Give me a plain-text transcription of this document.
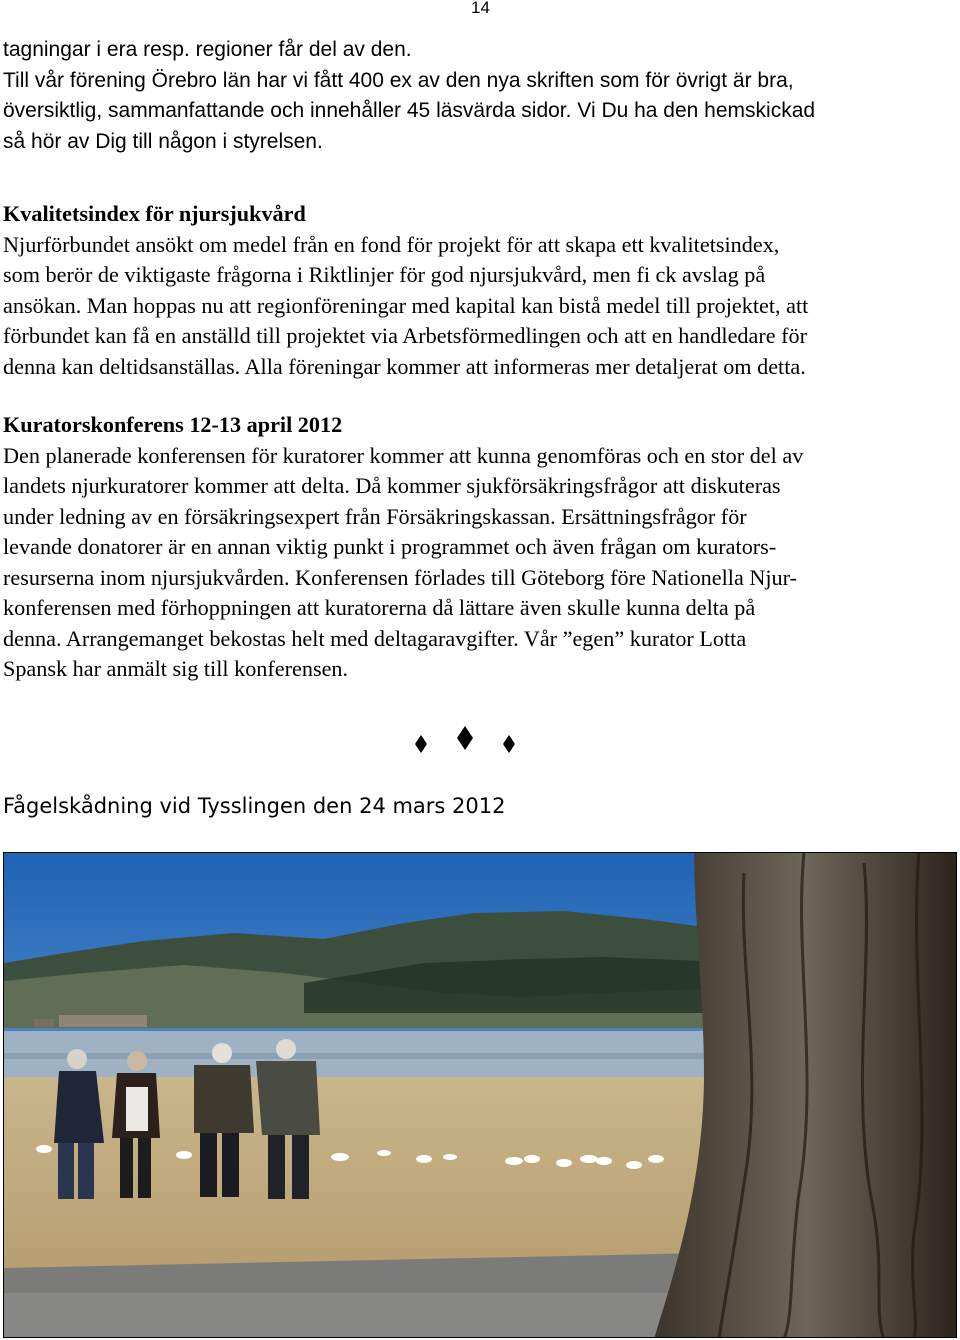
14
tagningar i era resp. regioner får del av den.
Till vår förening Örebro län har vi fått 400 ex av den nya skriften som för övrigt är bra,
översiktlig, sammanfattande och innehåller 45 läsvärda sidor. Vi Du ha den hemskickad
så hör av Dig till någon i styrelsen.
Kvalitetsindex för njursjukvård
Njurförbundet ansökt om medel från en fond för projekt för att skapa ett kvalitetsindex,
som berör de viktigaste frågorna i Riktlinjer för god njursjukvård, men fi ck avslag på
ansökan. Man hoppas nu att regionföreningar med kapital kan bistå medel till projektet, att
förbundet kan få en anställd till projektet via Arbetsförmedlingen och att en handledare för
denna kan deltidsanställas. Alla föreningar kommer att informeras mer detaljerat om detta.
Kuratorskonferens 12-13 april 2012
Den planerade konferensen för kuratorer kommer att kunna genomföras och en stor del av
landets njurkuratorer kommer att delta. Då kommer sjukförsäkringsfrågor att diskuteras
under ledning av en försäkringsexpert från Försäkringskassan. Ersättningsfrågor för
levande donatorer är en annan viktig punkt i programmet och även frågan om kurators-
resurserna inom njursjukvården. Konferensen förlades till Göteborg före Nationella Njur-
konferensen med förhoppningen att kuratorerna då lättare även skulle kunna delta på
denna. Arrangemanget bekostas helt med deltagaravgifter. Vår ”egen” kurator Lotta
Spansk har anmält sig till konferensen.
Fågelskådning vid Tysslingen den 24 mars 2012
